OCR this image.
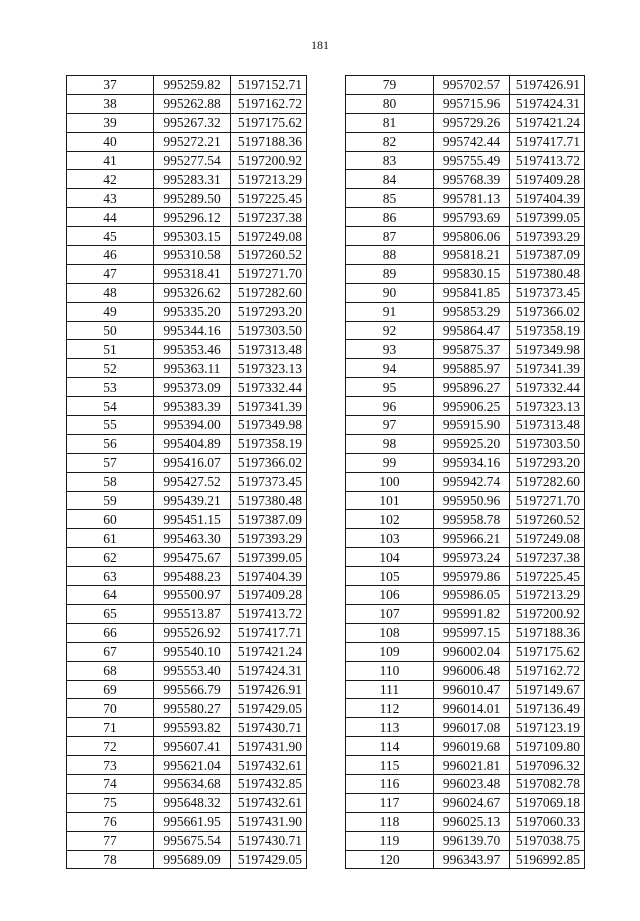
181
37	995259.82	5197152.71
38	995262.88	5197162.72
39	995267.32	5197175.62
40	995272.21	5197188.36
41	995277.54	5197200.92
42	995283.31	5197213.29
43	995289.50	5197225.45
44	995296.12	5197237.38
45	995303.15	5197249.08
46	995310.58	5197260.52
47	995318.41	5197271.70
48	995326.62	5197282.60
49	995335.20	5197293.20
50	995344.16	5197303.50
51	995353.46	5197313.48
52	995363.11	5197323.13
53	995373.09	5197332.44
54	995383.39	5197341.39
55	995394.00	5197349.98
56	995404.89	5197358.19
57	995416.07	5197366.02
58	995427.52	5197373.45
59	995439.21	5197380.48
60	995451.15	5197387.09
61	995463.30	5197393.29
62	995475.67	5197399.05
63	995488.23	5197404.39
64	995500.97	5197409.28
65	995513.87	5197413.72
66	995526.92	5197417.71
67	995540.10	5197421.24
68	995553.40	5197424.31
69	995566.79	5197426.91
70	995580.27	5197429.05
71	995593.82	5197430.71
72	995607.41	5197431.90
73	995621.04	5197432.61
74	995634.68	5197432.85
75	995648.32	5197432.61
76	995661.95	5197431.90
77	995675.54	5197430.71
78	995689.09	5197429.05
79	995702.57	5197426.91
80	995715.96	5197424.31
81	995729.26	5197421.24
82	995742.44	5197417.71
83	995755.49	5197413.72
84	995768.39	5197409.28
85	995781.13	5197404.39
86	995793.69	5197399.05
87	995806.06	5197393.29
88	995818.21	5197387.09
89	995830.15	5197380.48
90	995841.85	5197373.45
91	995853.29	5197366.02
92	995864.47	5197358.19
93	995875.37	5197349.98
94	995885.97	5197341.39
95	995896.27	5197332.44
96	995906.25	5197323.13
97	995915.90	5197313.48
98	995925.20	5197303.50
99	995934.16	5197293.20
100	995942.74	5197282.60
101	995950.96	5197271.70
102	995958.78	5197260.52
103	995966.21	5197249.08
104	995973.24	5197237.38
105	995979.86	5197225.45
106	995986.05	5197213.29
107	995991.82	5197200.92
108	995997.15	5197188.36
109	996002.04	5197175.62
110	996006.48	5197162.72
111	996010.47	5197149.67
112	996014.01	5197136.49
113	996017.08	5197123.19
114	996019.68	5197109.80
115	996021.81	5197096.32
116	996023.48	5197082.78
117	996024.67	5197069.18
118	996025.13	5197060.33
119	996139.70	5197038.75
120	996343.97	5196992.85
